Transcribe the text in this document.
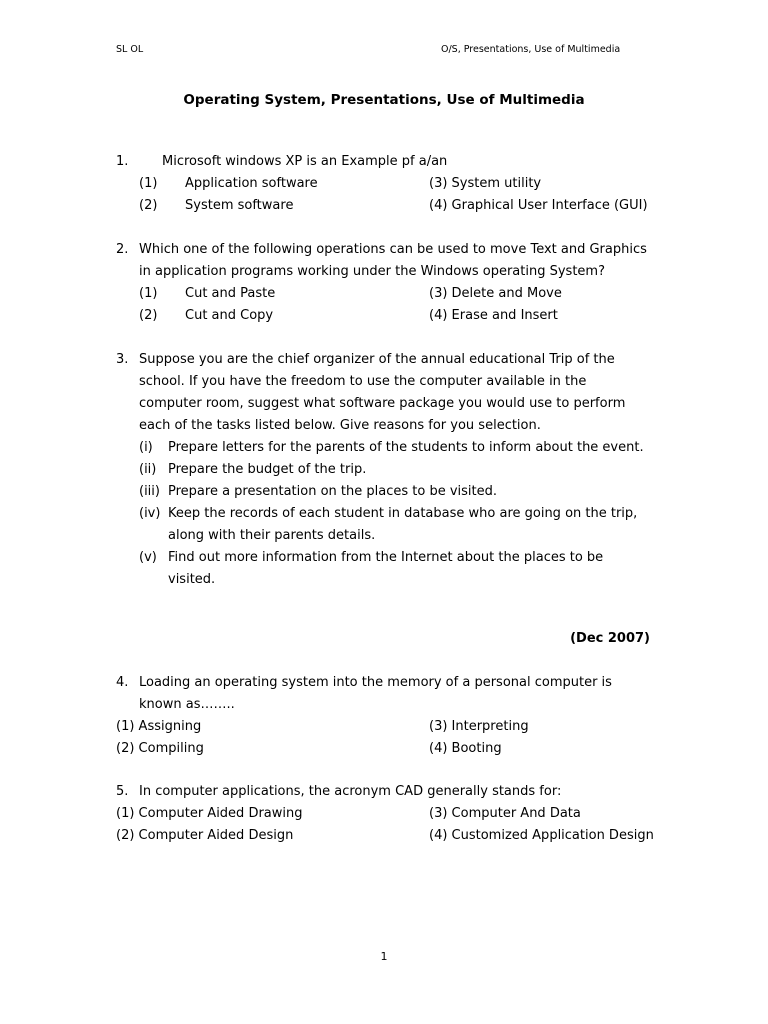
SL OL	O/S, Presentations, Use of Multimedia
Operating System, Presentations, Use of Multimedia
1.	Microsoft windows XP is an Example pf a/an
(1) Application software	(3) System utility
(2) System software	(4) Graphical User Interface (GUI)
2. Which one of the following operations can be used to move Text and Graphics
in application programs working under the Windows operating System?
(1) Cut and Paste	(3) Delete and Move
(2) Cut and Copy	(4) Erase and Insert
3. Suppose you are the chief organizer of the annual educational Trip of the
school. If you have the freedom to use the computer available in the
computer room, suggest what software package you would use to perform
each of the tasks listed below. Give reasons for you selection.
(i) Prepare letters for the parents of the students to inform about the event.
(ii) Prepare the budget of the trip.
(iii) Prepare a presentation on the places to be visited.
(iv) Keep the records of each student in database who are going on the trip,
along with their parents details.
(v) Find out more information from the Internet about the places to be
visited.
(Dec 2007)
4. Loading an operating system into the memory of a personal computer is
known as……..
(1) Assigning	(3) Interpreting
(2) Compiling	(4) Booting
5. In computer applications, the acronym CAD generally stands for:
(1) Computer Aided Drawing	(3) Computer And Data
(2) Computer Aided Design	(4) Customized Application Design
1
